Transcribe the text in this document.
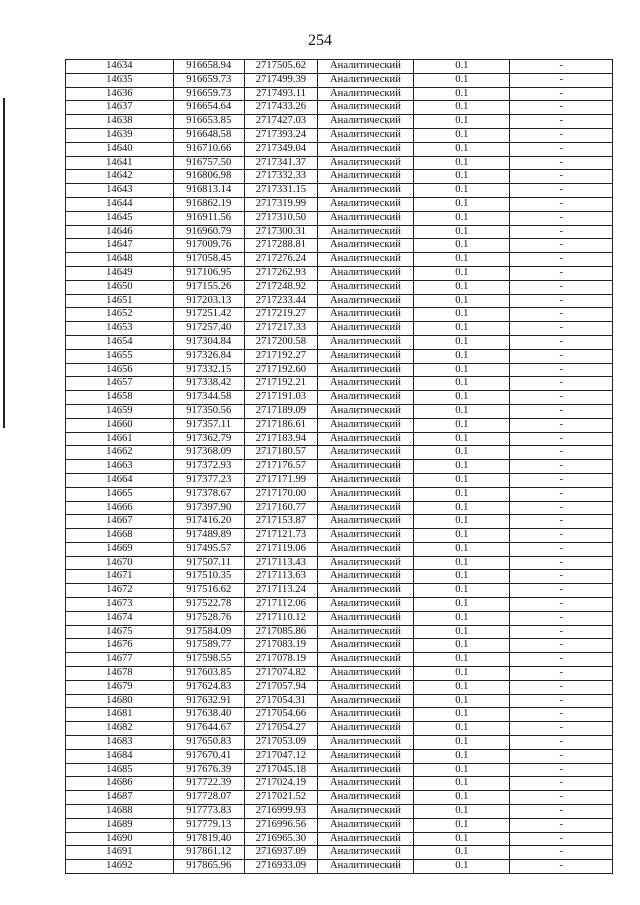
254
14634	916658.94	2717505.62	Аналитический	0.1	-
14635	916659.73	2717499.39	Аналитический	0.1	-
14636	916659.73	2717493.11	Аналитический	0.1	-
14637	916654.64	2717433.26	Аналитический	0.1	-
14638	916653.85	2717427.03	Аналитический	0.1	-
14639	916648.58	2717393.24	Аналитический	0.1	-
14640	916710.66	2717349.04	Аналитический	0.1	-
14641	916757.50	2717341.37	Аналитический	0.1	-
14642	916806.98	2717332.33	Аналитический	0.1	-
14643	916813.14	2717331.15	Аналитический	0.1	-
14644	916862.19	2717319.99	Аналитический	0.1	-
14645	916911.56	2717310.50	Аналитический	0.1	-
14646	916960.79	2717300.31	Аналитический	0.1	-
14647	917009.76	2717288.81	Аналитический	0.1	-
14648	917058.45	2717276.24	Аналитический	0.1	-
14649	917106.95	2717262.93	Аналитический	0.1	-
14650	917155.26	2717248.92	Аналитический	0.1	-
14651	917203.13	2717233.44	Аналитический	0.1	-
14652	917251.42	2717219.27	Аналитический	0.1	-
14653	917257.40	2717217.33	Аналитический	0.1	-
14654	917304.84	2717200.58	Аналитический	0.1	-
14655	917326.84	2717192.27	Аналитический	0.1	-
14656	917332.15	2717192.60	Аналитический	0.1	-
14657	917338.42	2717192.21	Аналитический	0.1	-
14658	917344.58	2717191.03	Аналитический	0.1	-
14659	917350.56	2717189.09	Аналитический	0.1	-
14660	917357.11	2717186.61	Аналитический	0.1	-
14661	917362.79	2717183.94	Аналитический	0.1	-
14662	917368.09	2717180.57	Аналитический	0.1	-
14663	917372.93	2717176.57	Аналитический	0.1	-
14664	917377.23	2717171.99	Аналитический	0.1	-
14665	917378.67	2717170.00	Аналитический	0.1	-
14666	917397.90	2717160.77	Аналитический	0.1	-
14667	917416.20	2717153.87	Аналитический	0.1	-
14668	917489.89	2717121.73	Аналитический	0.1	-
14669	917495.57	2717119.06	Аналитический	0.1	-
14670	917507.11	2717113.43	Аналитический	0.1	-
14671	917510.35	2717113.63	Аналитический	0.1	-
14672	917516.62	2717113.24	Аналитический	0.1	-
14673	917522.78	2717112.06	Аналитический	0.1	-
14674	917528.76	2717110.12	Аналитический	0.1	-
14675	917584.09	2717085.86	Аналитический	0.1	-
14676	917589.77	2717083.19	Аналитический	0.1	-
14677	917598.55	2717078.19	Аналитический	0.1	-
14678	917603.85	2717074.82	Аналитический	0.1	-
14679	917624.83	2717057.94	Аналитический	0.1	-
14680	917632.91	2717054.31	Аналитический	0.1	-
14681	917638.40	2717054.66	Аналитический	0.1	-
14682	917644.67	2717054.27	Аналитический	0.1	-
14683	917650.83	2717053.09	Аналитический	0.1	-
14684	917670.41	2717047.12	Аналитический	0.1	-
14685	917676.39	2717045.18	Аналитический	0.1	-
14686	917722.39	2717024.19	Аналитический	0.1	-
14687	917728.07	2717021.52	Аналитический	0.1	-
14688	917773.83	2716999.93	Аналитический	0.1	-
14689	917779.13	2716996.56	Аналитический	0.1	-
14690	917819.40	2716965.30	Аналитический	0.1	-
14691	917861.12	2716937.09	Аналитический	0.1	-
14692	917865.96	2716933.09	Аналитический	0.1	-
